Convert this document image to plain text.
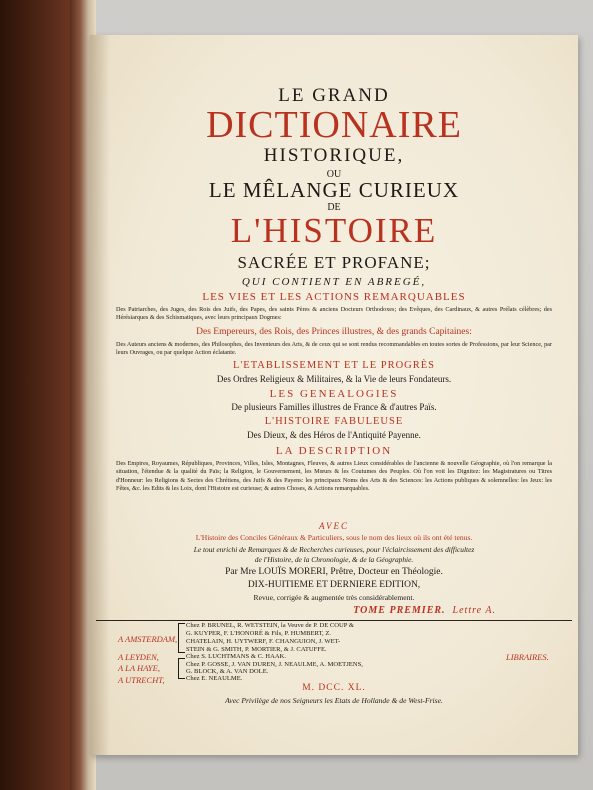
LE GRAND

DICTIONAIRE

HISTORIQUE,

OU

LE MÊLANGE CURIEUX

DE

L'HISTOIRE

SACRÉE ET PROFANE;

QUI CONTIENT EN ABREGÉ,

LES VIES ET LES ACTIONS REMARQUABLES

Des Patriarches, des Juges, des Rois des Juifs, des Papes, des saints Pères & anciens Docteurs Orthodoxes; des Evêques, des Cardinaux, & autres Prélats célèbres; des Hérésiarques & des Schismatiques, avec leurs principaux Dogmes:

Des Empereurs, des Rois, des Princes illustres, & des grands Capitaines:

Des Auteurs anciens & modernes, des Philosophes, des Inventeurs des Arts, & de ceux qui se sont rendus recommandables en toutes sortes de Professions, par leur Science, par leurs Ouvrages, ou par quelque Action éclatante.

L'ETABLISSEMENT ET LE PROGRÈS

Des Ordres Religieux & Militaires, & la Vie de leurs Fondateurs.

LES GENEALOGIES

De plusieurs Familles illustres de France & d'autres Païs.

L'HISTOIRE FABULEUSE

Des Dieux, & des Héros de l'Antiquité Payenne.

LA DESCRIPTION

Des Empires, Royaumes, Républiques, Provinces, Villes, Isles, Montagnes, Fleuves, & autres Lieux considérables de l'ancienne & nouvelle Géographie, où l'on remarque la situation, l'étendue & la qualité du Païs; la Religion, le Gouvernement, les Mœurs & les Coutumes des Peuples. Où l'on voit les Dignitez: les Magistratures ou Titres d'Honneur: les Religions & Sectes des Chrétiens, des Juifs & des Payens: les principaux Noms des Arts & des Sciences: les Actions publiques & solemnelles: les Jeux: les Fêtes, &c. les Edits & les Loix, dont l'Histoire est curieuse; & autres Choses, & Actions remarquables.

AVEC

L'Histoire des Conciles Généraux & Particuliers, sous le nom des lieux où ils ont été tenus.

Le tout enrichi de Remarques & de Recherches curieuses, pour l'éclaircissement des difficultez

de l'Histoire, de la Chronologie, & de la Géographie.

Par Mre LOUÏS MORERI, Prêtre, Docteur en Théologie.

DIX-HUITIEME ET DERNIERE EDITION,

Revue, corrigée & augmentée très considérablement.

TOME PREMIER. Lettre A.

A AMSTERDAM,
A LEYDEN,
A LA HAYE,
A UTRECHT,
Chez P. BRUNEL, R. WETSTEIN, la Veuve de P. DE COUP &
G. KUYPER, F. L'HONORÉ & Fils, P. HUMBERT, Z.
CHATELAIN, H. UYTWERF, F. CHANGUION, J. WET-
STEIN & G. SMITH, P. MORTIER, & J. CATUFFE.
Chez S. LUCHTMANS & C. HAAK.
Chez P. GOSSE, J. VAN DUREN, J. NEAULME, A. MOETJENS,
G. BLOCK, & A. VAN DOLE.
Chez E. NEAULME.
LIBRAIRES.

M. DCC. XL.

Avec Privilège de nos Seigneurs les Etats de Hollande & de West-Frise.
